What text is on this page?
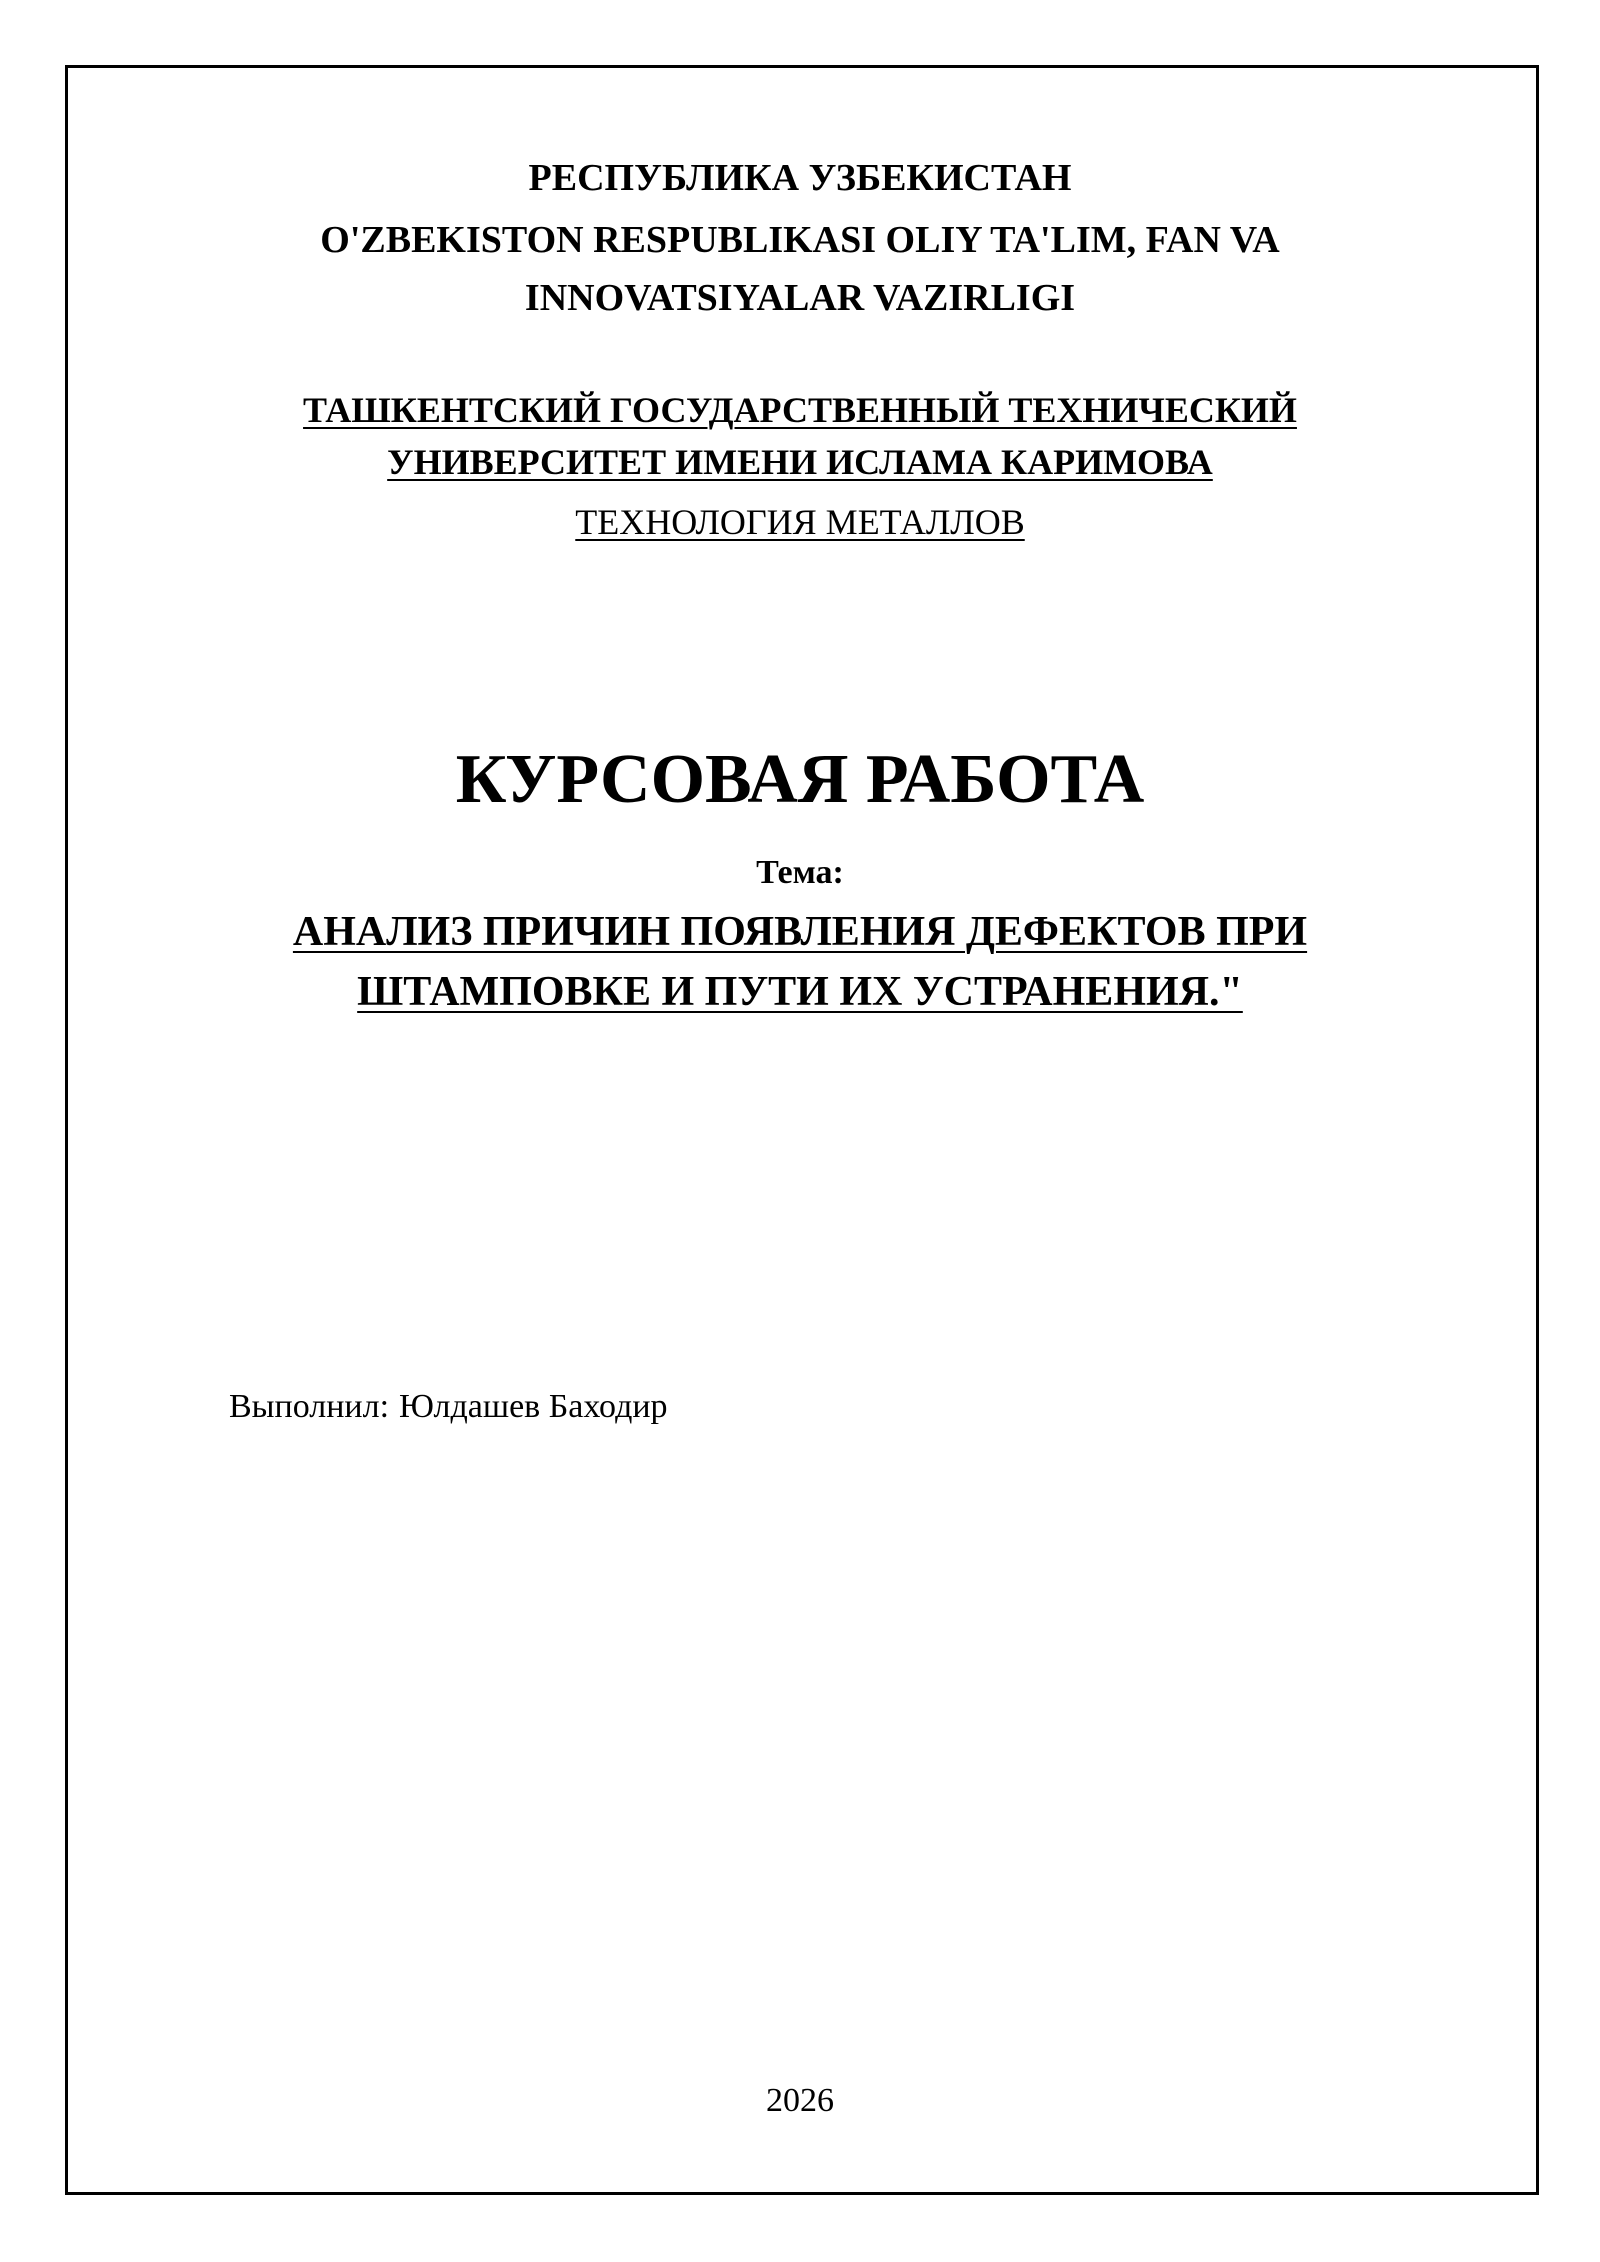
РЕСПУБЛИКА УЗБЕКИСТАН
O'ZBEKISTON RESPUBLIKASI OLIY TA'LIM, FAN VA
INNOVATSIYALAR VAZIRLIGI
ТАШКЕНТСКИЙ ГОСУДАРСТВЕННЫЙ ТЕХНИЧЕСКИЙ
УНИВЕРСИТЕТ ИМЕНИ ИСЛАМА КАРИМОВА
ТЕХНОЛОГИЯ МЕТАЛЛОВ
КУРСОВАЯ РАБОТА
Тема:
АНАЛИЗ ПРИЧИН ПОЯВЛЕНИЯ ДЕФЕКТОВ ПРИ
ШТАМПОВКЕ И ПУТИ ИХ УСТРАНЕНИЯ."
Выполнил: Юлдашев Баходир
2026
